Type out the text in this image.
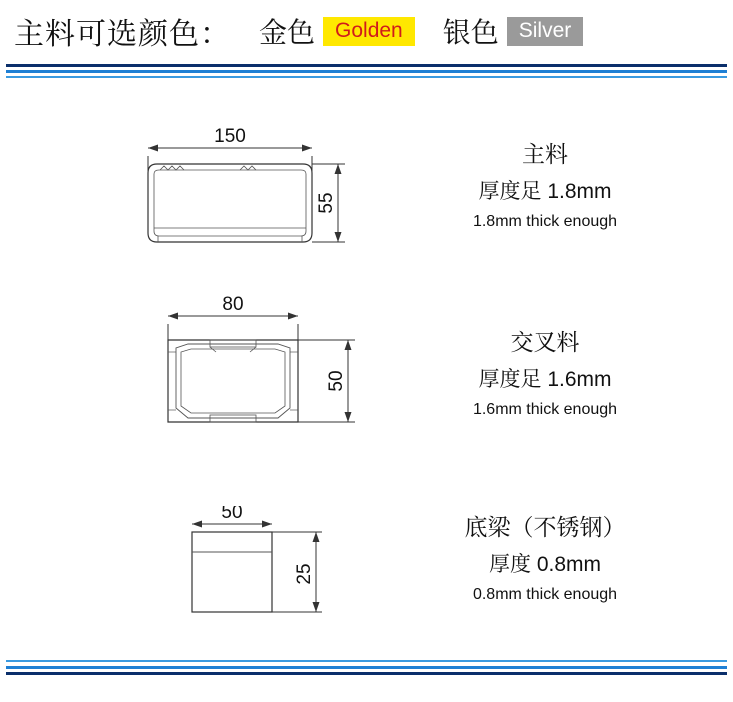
主料可选颜色： 金色 Golden	银色 Silver
150
55
主料
厚度足 1.8mm
1.8mm thick enough
80
50
交叉料
厚度足 1.6mm
1.6mm thick enough
50
25
底梁（不锈钢）
厚度 0.8mm
0.8mm thick enough
